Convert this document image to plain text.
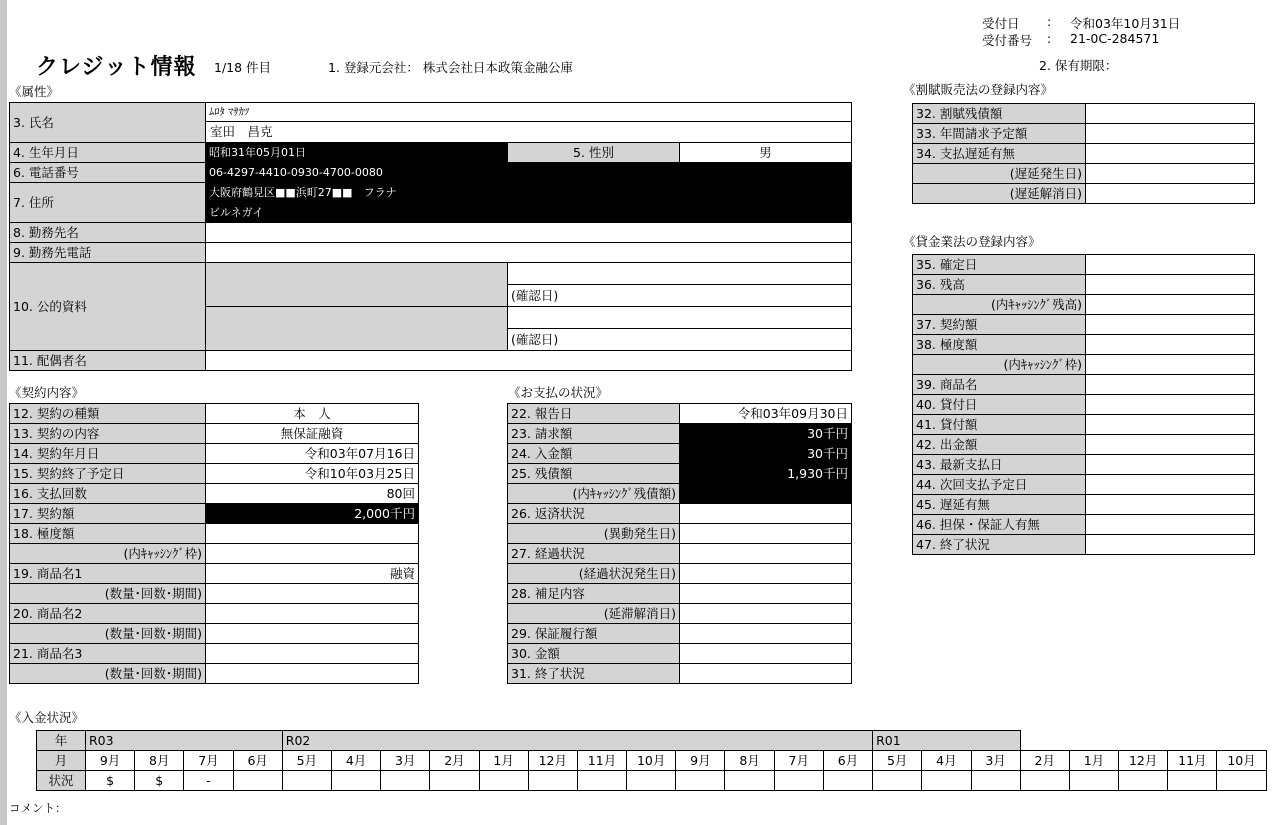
受付日 : 令和03年10月31日
受付番号 : 21-0C-284571
クレジット情報 1/18 件目	1. 登録元会社： 株式会社日本政策金融公庫	2. 保有期限：
《属性》
3. 氏名	ﾑﾛﾀ ﾏｻｶﾂ		
	室田　昌克		
4. 生年月日	昭和31年05月01日	5. 性別	男
6. 電話番号	06-4297-4410-0930-4700-0080		
7. 住所	大阪府鶴見区■■浜町27■■　フラナ		
	ビルネガイ		
8. 勤務先名			
9. 勤務先電話			
10. 公的資料			
		(確認日)	

		(確認日)	
11. 配偶者名			
《契約内容》
12. 契約の種類	本　人
13. 契約の内容	無保証融資
14. 契約年月日	令和03年07月16日
15. 契約終了予定日	令和10年03月25日
16. 支払回数	80回
17. 契約額	2,000千円
18. 極度額	
(内ｷｬｯｼﾝｸﾞ枠)	
19. 商品名1	融資
(数量･回数･期間)	
20. 商品名2	
(数量･回数･期間)	
21. 商品名3	
(数量･回数･期間)	
《お支払の状況》
22. 報告日	令和03年09月30日
23. 請求額	30千円
24. 入金額	30千円
25. 残債額	1,930千円
(内ｷｬｯｼﾝｸﾞ残債額)	
26. 返済状況	
(異動発生日)	
27. 経過状況	
(経過状況発生日)	
28. 補足内容	
(延滞解消日)	
29. 保証履行額	
30. 金額	
31. 終了状況	
《割賦販売法の登録内容》
32. 割賦残債額	
33. 年間請求予定額	
34. 支払遅延有無	
(遅延発生日)	
(遅延解消日)	
《貸金業法の登録内容》
35. 確定日	
36. 残高	
(内ｷｬｯｼﾝｸﾞ残高)	
37. 契約額	
38. 極度額	
(内ｷｬｯｼﾝｸﾞ枠)	
39. 商品名	
40. 貸付日	
41. 貸付額	
42. 出金額	
43. 最新支払日	
44. 次回支払予定日	
45. 遅延有無	
46. 担保・保証人有無	
47. 終了状況	
《入金状況》
年	R03				R02												R01							
月	9月	8月	7月	6月	5月	4月	3月	2月	1月	12月	11月	10月	9月	8月	7月	6月	5月	4月	3月	2月	1月	12月	11月	10月
状況	$	$	-																					
コメント：
